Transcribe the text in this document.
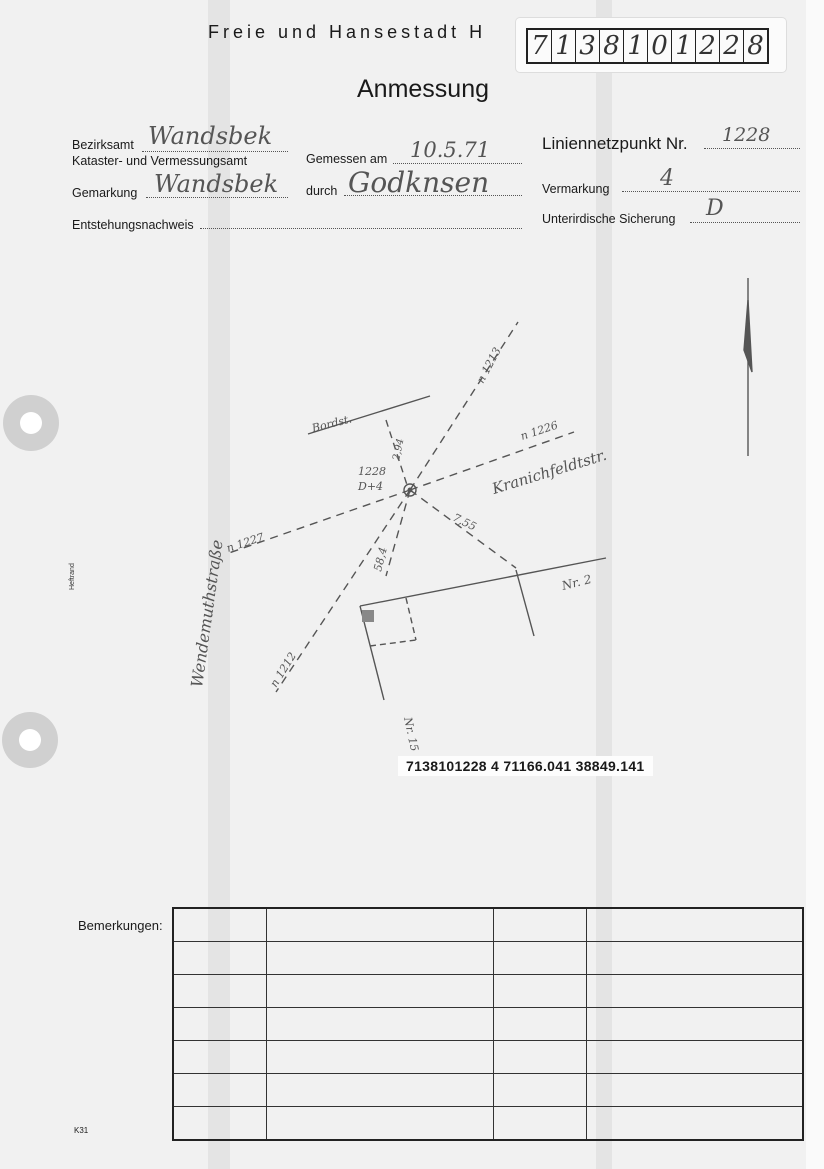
Freie und Hansestadt H 7 1 3 8 1 0 1 2 2 8
Anmessung
Bezirksamt Wandsbek
Kataster- und Vermessungsamt
Gemarkung Wandsbek
Entstehungsnachweis
Gemessen am 10.5.71
durch Godknsen
Liniennetzpunkt Nr. 1228
Vermarkung 4
Unterirdische Sicherung D
Bordst.
n 1213
n 1226
Kranichfeldtstr.
1228
D+4
2,94
7,55
58,4
n 1227
n 1212
Nr. 2
Nr. 15
Wendemuthstraße
Heftrand
7138101228 4 71166.041 38849.141
Bemerkungen:

K31
